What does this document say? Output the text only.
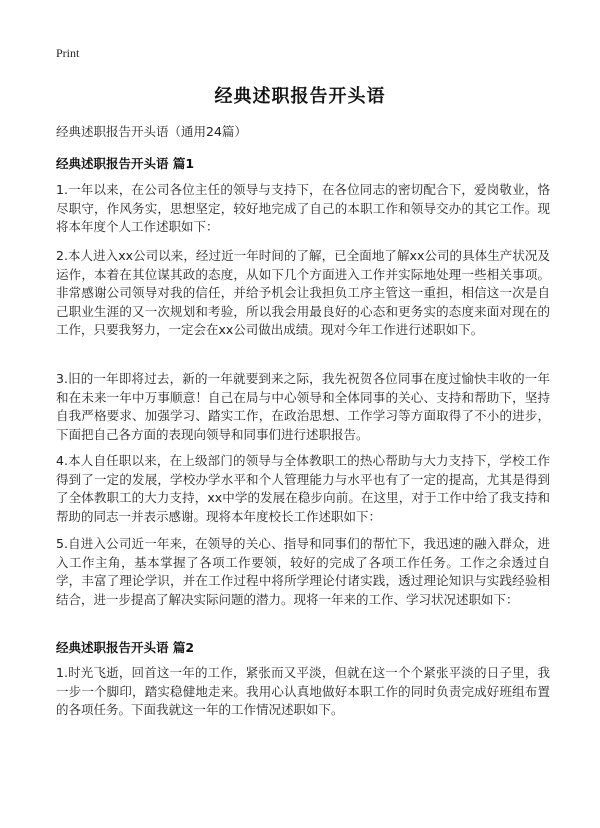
Print
经典述职报告开头语
经典述职报告开头语（通用24篇）
经典述职报告开头语 篇1
1.一年以来，在公司各位主任的领导与支持下，在各位同志的密切配合下，爱岗敬业，恪尽职守，作风务实，思想坚定，较好地完成了自己的本职工作和领导交办的其它工作。现将本年度个人工作述职如下：
2.本人进入xx公司以来，经过近一年时间的了解，已全面地了解xx公司的具体生产状况及运作，本着在其位谋其政的态度，从如下几个方面进入工作并实际地处理一些相关事项。非常感谢公司领导对我的信任，并给予机会让我担负工序主管这一重担，相信这一次是自己职业生涯的又一次规划和考验，所以我会用最良好的心态和更务实的态度来面对现在的工作，只要我努力，一定会在xx公司做出成绩。现对今年工作进行述职如下。
3.旧的一年即将过去，新的一年就要到来之际，我先祝贺各位同事在度过愉快丰收的一年和在未来一年中万事顺意！自己在局与中心领导和全体同事的关心、支持和帮助下，坚持自我严格要求、加强学习、踏实工作，在政治思想、工作学习等方面取得了不小的进步，下面把自己各方面的表现向领导和同事们进行述职报告。
4.本人自任职以来，在上级部门的领导与全体教职工的热心帮助与大力支持下，学校工作得到了一定的发展，学校办学水平和个人管理能力与水平也有了一定的提高，尤其是得到了全体教职工的大力支持，xx中学的发展在稳步向前。在这里，对于工作中给了我支持和帮助的同志一并表示感谢。现将本年度校长工作述职如下：
5.自进入公司近一年来，在领导的关心、指导和同事们的帮忙下，我迅速的融入群众，进入工作主角，基本掌握了各项工作要领，较好的完成了各项工作任务。工作之余透过自学，丰富了理论学识，并在工作过程中将所学理论付诸实践，透过理论知识与实践经验相结合，进一步提高了解决实际问题的潜力。现将一年来的工作、学习状况述职如下：
经典述职报告开头语 篇2
1.时光飞逝，回首这一年的工作，紧张而又平淡，但就在这一个个紧张平淡的日子里，我一步一个脚印，踏实稳健地走来。我用心认真地做好本职工作的同时负责完成好班组布置的各项任务。下面我就这一年的工作情况述职如下。
